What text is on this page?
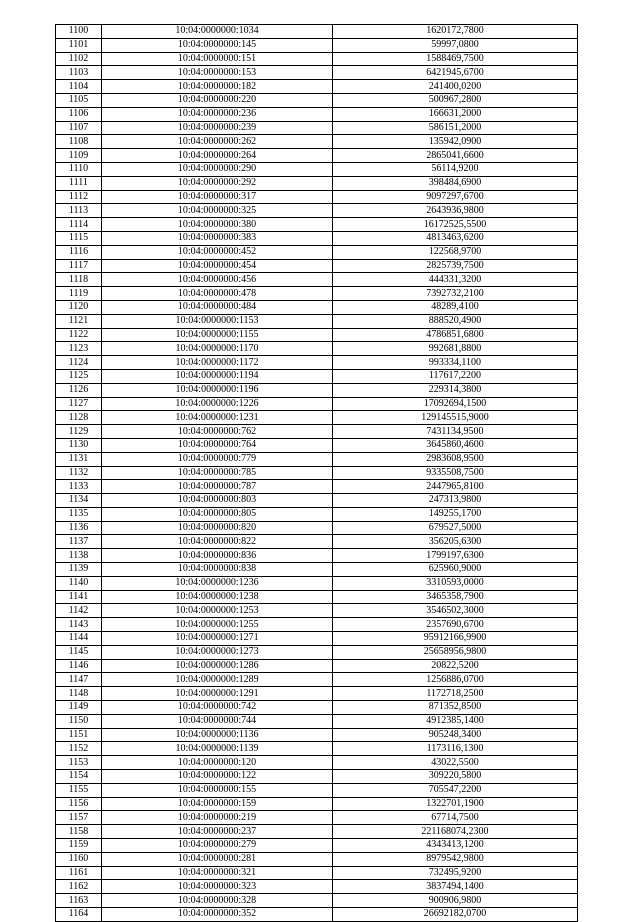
1100	10:04:0000000:1034	1620172,7800
1101	10:04:0000000:145	59997,0800
1102	10:04:0000000:151	1588469,7500
1103	10:04:0000000:153	6421945,6700
1104	10:04:0000000:182	241400,0200
1105	10:04:0000000:220	500967,2800
1106	10:04:0000000:236	166631,2000
1107	10:04:0000000:239	586151,2000
1108	10:04:0000000:262	135942,0900
1109	10:04:0000000:264	2865041,6600
1110	10:04:0000000:290	56114,9200
1111	10:04:0000000:292	398484,6900
1112	10:04:0000000:317	9097297,6700
1113	10:04:0000000:325	2643936,9800
1114	10:04:0000000:380	16172525,5500
1115	10:04:0000000:383	4813463,6200
1116	10:04:0000000:452	122568,9700
1117	10:04:0000000:454	2825739,7500
1118	10:04:0000000:456	444331,3200
1119	10:04:0000000:478	7392732,2100
1120	10:04:0000000:484	48289,4100
1121	10:04:0000000:1153	888520,4900
1122	10:04:0000000:1155	4786851,6800
1123	10:04:0000000:1170	992681,8800
1124	10:04:0000000:1172	993334,1100
1125	10:04:0000000:1194	117617,2200
1126	10:04:0000000:1196	229314,3800
1127	10:04:0000000:1226	17092694,1500
1128	10:04:0000000:1231	129145515,9000
1129	10:04:0000000:762	7431134,9500
1130	10:04:0000000:764	3645860,4600
1131	10:04:0000000:779	2983608,9500
1132	10:04:0000000:785	9335508,7500
1133	10:04:0000000:787	2447965,8100
1134	10:04:0000000:803	247313,9800
1135	10:04:0000000:805	149255,1700
1136	10:04:0000000:820	679527,5000
1137	10:04:0000000:822	356205,6300
1138	10:04:0000000:836	1799197,6300
1139	10:04:0000000:838	625960,9000
1140	10:04:0000000:1236	3310593,0000
1141	10:04:0000000:1238	3465358,7900
1142	10:04:0000000:1253	3546502,3000
1143	10:04:0000000:1255	2357690,6700
1144	10:04:0000000:1271	95912166,9900
1145	10:04:0000000:1273	25658956,9800
1146	10:04:0000000:1286	20822,5200
1147	10:04:0000000:1289	1256886,0700
1148	10:04:0000000:1291	1172718,2500
1149	10:04:0000000:742	871352,8500
1150	10:04:0000000:744	4912385,1400
1151	10:04:0000000:1136	905248,3400
1152	10:04:0000000:1139	1173116,1300
1153	10:04:0000000:120	43022,5500
1154	10:04:0000000:122	309220,5800
1155	10:04:0000000:155	705547,2200
1156	10:04:0000000:159	1322701,1900
1157	10:04:0000000:219	67714,7500
1158	10:04:0000000:237	221168074,2300
1159	10:04:0000000:279	4343413,1200
1160	10:04:0000000:281	8979542,9800
1161	10:04:0000000:321	732495,9200
1162	10:04:0000000:323	3837494,1400
1163	10:04:0000000:328	900906,9800
1164	10:04:0000000:352	26692182,0700
